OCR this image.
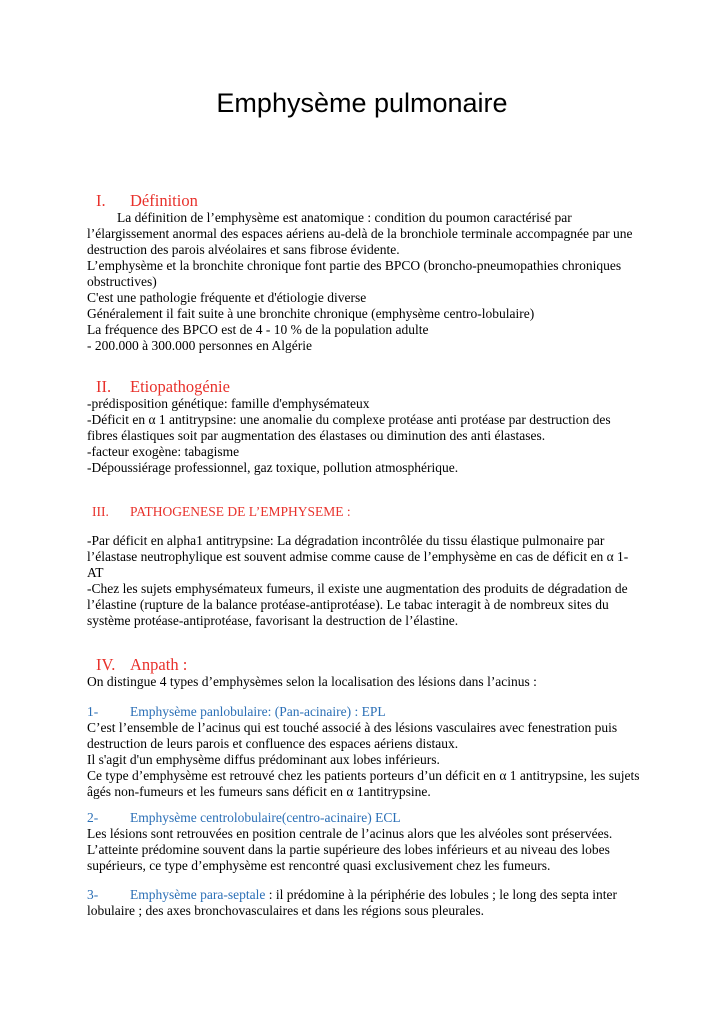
Emphysème pulmonaire
I. Définition

La définition de l’emphysème est anatomique : condition du poumon caractérisé par

l’élargissement anormal des espaces aériens au-delà de la bronchiole terminale accompagnée par une

destruction des parois alvéolaires et sans fibrose évidente.

L’emphysème et la bronchite chronique font partie des BPCO (broncho-pneumopathies chroniques

obstructives)

C'est une pathologie fréquente et d'étiologie diverse

Généralement il fait suite à une bronchite chronique (emphysème centro-lobulaire)

La fréquence des BPCO est de 4 - 10 % de la population adulte

- 200.000 à 300.000 personnes en Algérie

II. Etiopathogénie

-prédisposition génétique: famille d'emphysémateux

-Déficit en α 1 antitrypsine: une anomalie du complexe protéase anti protéase par destruction des

fibres élastiques soit par augmentation des élastases ou diminution des anti élastases.

-facteur exogène: tabagisme

-Dépoussiérage professionnel, gaz toxique, pollution atmosphérique.

III. PATHOGENESE DE L’EMPHYSEME :

-Par déficit en alpha1 antitrypsine: La dégradation incontrôlée du tissu élastique pulmonaire par

l’élastase neutrophylique est souvent admise comme cause de l’emphysème en cas de déficit en α 1-

AT

-Chez les sujets emphysémateux fumeurs, il existe une augmentation des produits de dégradation de

l’élastine (rupture de la balance protéase-antiprotéase). Le tabac interagit à de nombreux sites du

système protéase-antiprotéase, favorisant la destruction de l’élastine.

IV. Anpath :

On distingue 4 types d’emphysèmes selon la localisation des lésions dans l’acinus :

1- Emphysème panlobulaire: (Pan-acinaire) : EPL

C’est l’ensemble de l’acinus qui est touché associé à des lésions vasculaires avec fenestration puis

destruction de leurs parois et confluence des espaces aériens distaux.

Il s'agit d'un emphysème diffus prédominant aux lobes inférieurs.

Ce type d’emphysème est retrouvé chez les patients porteurs d’un déficit en α 1 antitrypsine, les sujets

âgés non-fumeurs et les fumeurs sans déficit en α 1antitrypsine.

2- Emphysème centrolobulaire(centro-acinaire) ECL

Les lésions sont retrouvées en position centrale de l’acinus alors que les alvéoles sont préservées.

L’atteinte prédomine souvent dans la partie supérieure des lobes inférieurs et au niveau des lobes

supérieurs, ce type d’emphysème est rencontré quasi exclusivement chez les fumeurs.

3- Emphysème para-septale : il prédomine à la périphérie des lobules ; le long des septa inter

lobulaire ; des axes bronchovasculaires et dans les régions sous pleurales.
